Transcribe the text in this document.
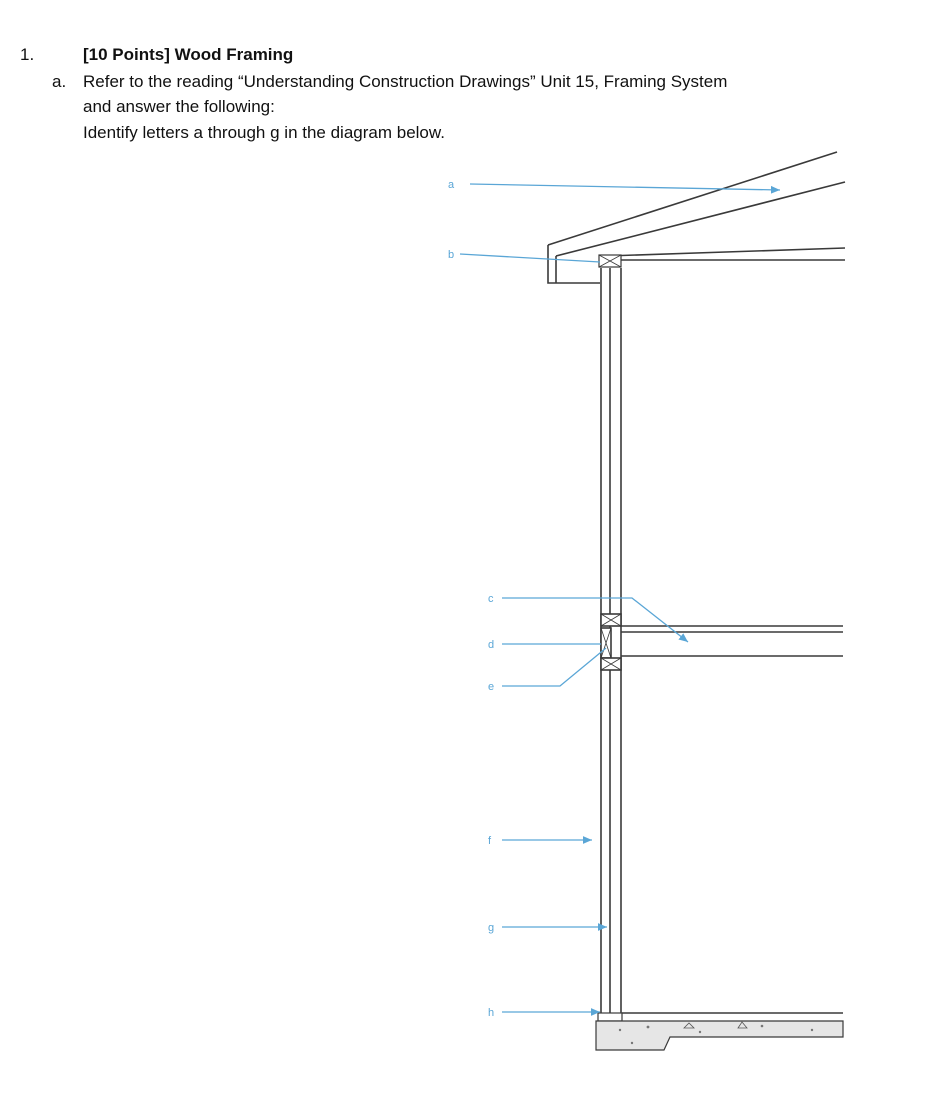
1.	[10 Points] Wood Framing
a. Refer to the reading “Understanding Construction Drawings” Unit 15, Framing System
and answer the following:
Identify letters a through g in the diagram below.
a
b
c
d
e
f
g
h
